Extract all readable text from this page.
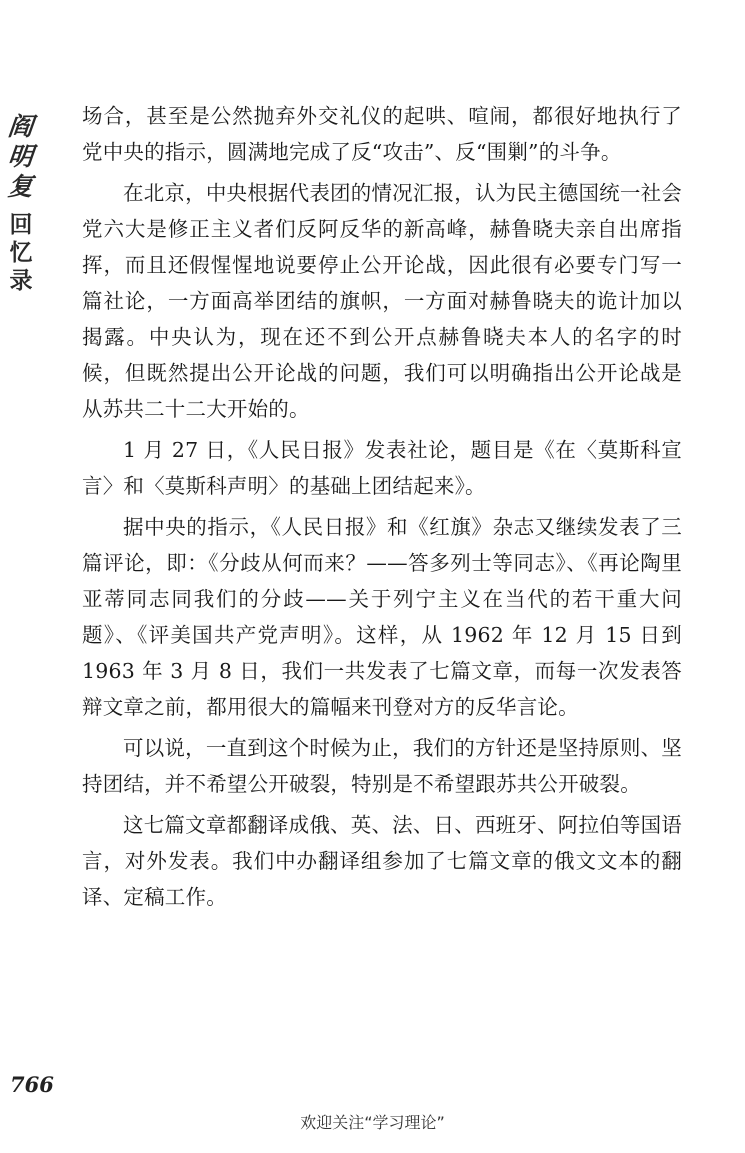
阎
明
复
回
忆
录

场合，甚至是公然抛弃外交礼仪的起哄、喧闹，都很好地执行了党中央的指示，圆满地完成了反“攻击”、反“围剿”的斗争。

在北京，中央根据代表团的情况汇报，认为民主德国统一社会党六大是修正主义者们反阿反华的新高峰，赫鲁晓夫亲自出席指挥，而且还假惺惺地说要停止公开论战，因此很有必要专门写一篇社论，一方面高举团结的旗帜，一方面对赫鲁晓夫的诡计加以揭露。中央认为，现在还不到公开点赫鲁晓夫本人的名字的时候，但既然提出公开论战的问题，我们可以明确指出公开论战是从苏共二十二大开始的。

1 月 27 日，《人民日报》发表社论，题目是《在〈莫斯科宣言〉和〈莫斯科声明〉的基础上团结起来》。

据中央的指示，《人民日报》和《红旗》杂志又继续发表了三篇评论，即：《分歧从何而来？——答多列士等同志》、《再论陶里亚蒂同志同我们的分歧——关于列宁主义在当代的若干重大问题》、《评美国共产党声明》。这样，从 1962 年 12 月 15 日到 1963 年 3 月 8 日，我们一共发表了七篇文章，而每一次发表答辩文章之前，都用很大的篇幅来刊登对方的反华言论。

可以说，一直到这个时候为止，我们的方针还是坚持原则、坚持团结，并不希望公开破裂，特别是不希望跟苏共公开破裂。

这七篇文章都翻译成俄、英、法、日、西班牙、阿拉伯等国语言，对外发表。我们中办翻译组参加了七篇文章的俄文文本的翻译、定稿工作。

766
欢迎关注“学习理论”
